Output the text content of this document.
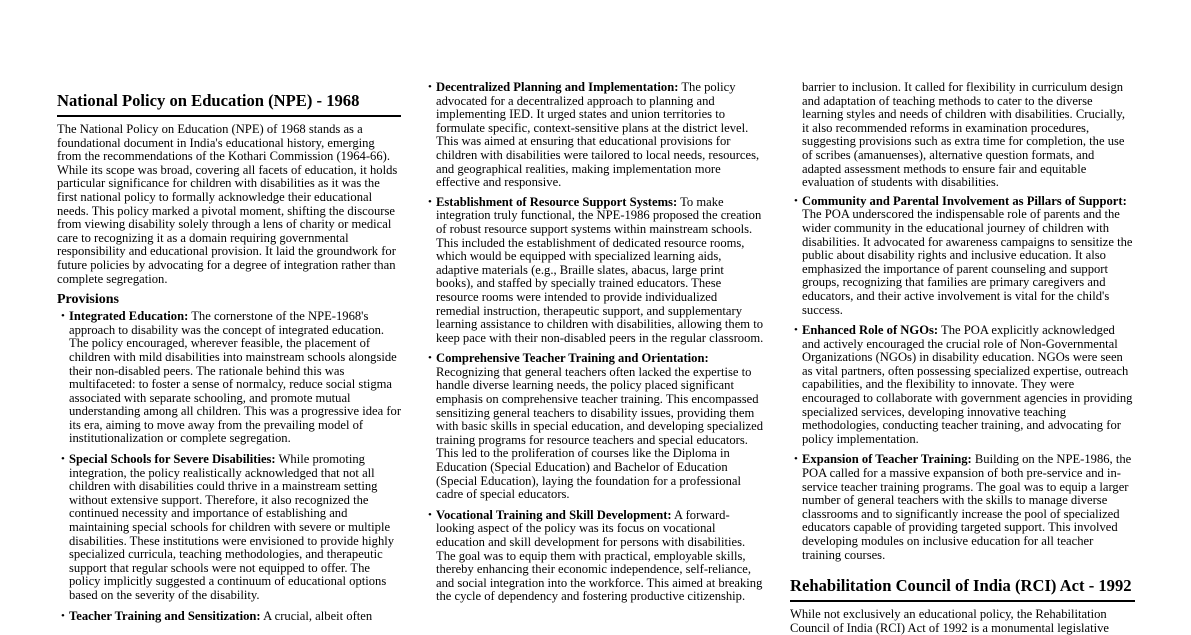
National Policy on Education (NPE) - 1968

The National Policy on Education (NPE) of 1968 stands as a foundational document in India's educational history, emerging from the recommendations of the Kothari Commission (1964-66). While its scope was broad, covering all facets of education, it holds particular significance for children with disabilities as it was the first national policy to formally acknowledge their educational needs. This policy marked a pivotal moment, shifting the discourse from viewing disability solely through a lens of charity or medical care to recognizing it as a domain requiring governmental responsibility and educational provision. It laid the groundwork for future policies by advocating for a degree of integration rather than complete segregation.

Provisions
• Integrated Education: The cornerstone of the NPE-1968's approach to disability was the concept of integrated education. The policy encouraged, wherever feasible, the placement of children with mild disabilities into mainstream schools alongside their non-disabled peers. The rationale behind this was multifaceted: to foster a sense of normalcy, reduce social stigma associated with separate schooling, and promote mutual understanding among all children. This was a progressive idea for its era, aiming to move away from the prevailing model of institutionalization or complete segregation.
• Special Schools for Severe Disabilities: While promoting integration, the policy realistically acknowledged that not all children with disabilities could thrive in a mainstream setting without extensive support. Therefore, it also recognized the continued necessity and importance of establishing and maintaining special schools for children with severe or multiple disabilities. These institutions were envisioned to provide highly specialized curricula, teaching methodologies, and therapeutic support that regular schools were not equipped to offer. The policy implicitly suggested a continuum of educational options based on the severity of the disability.
• Teacher Training and Sensitization: A crucial, albeit often
• Decentralized Planning and Implementation: The policy advocated for a decentralized approach to planning and implementing IED. It urged states and union territories to formulate specific, context-sensitive plans at the district level. This was aimed at ensuring that educational provisions for children with disabilities were tailored to local needs, resources, and geographical realities, making implementation more effective and responsive.
• Establishment of Resource Support Systems: To make integration truly functional, the NPE-1986 proposed the creation of robust resource support systems within mainstream schools. This included the establishment of dedicated resource rooms, which would be equipped with specialized learning aids, adaptive materials (e.g., Braille slates, abacus, large print books), and staffed by specially trained educators. These resource rooms were intended to provide individualized remedial instruction, therapeutic support, and supplementary learning assistance to children with disabilities, allowing them to keep pace with their non-disabled peers in the regular classroom.
• Comprehensive Teacher Training and Orientation: Recognizing that general teachers often lacked the expertise to handle diverse learning needs, the policy placed significant emphasis on comprehensive teacher training. This encompassed sensitizing general teachers to disability issues, providing them with basic skills in special education, and developing specialized training programs for resource teachers and special educators. This led to the proliferation of courses like the Diploma in Education (Special Education) and Bachelor of Education (Special Education), laying the foundation for a professional cadre of special educators.
• Vocational Training and Skill Development: A forward-looking aspect of the policy was its focus on vocational education and skill development for persons with disabilities. The goal was to equip them with practical, employable skills, thereby enhancing their economic independence, self-reliance, and social integration into the workforce. This aimed at breaking the cycle of dependency and fostering productive citizenship.

barrier to inclusion. It called for flexibility in curriculum design and adaptation of teaching methods to cater to the diverse learning styles and needs of children with disabilities. Crucially, it also recommended reforms in examination procedures, suggesting provisions such as extra time for completion, the use of scribes (amanuenses), alternative question formats, and adapted assessment methods to ensure fair and equitable evaluation of students with disabilities.

• Community and Parental Involvement as Pillars of Support: The POA underscored the indispensable role of parents and the wider community in the educational journey of children with disabilities. It advocated for awareness campaigns to sensitize the public about disability rights and inclusive education. It also emphasized the importance of parent counseling and support groups, recognizing that families are primary caregivers and educators, and their active involvement is vital for the child's success.
• Enhanced Role of NGOs: The POA explicitly acknowledged and actively encouraged the crucial role of Non-Governmental Organizations (NGOs) in disability education. NGOs were seen as vital partners, often possessing specialized expertise, outreach capabilities, and the flexibility to innovate. They were encouraged to collaborate with government agencies in providing specialized services, developing innovative teaching methodologies, conducting teacher training, and advocating for policy implementation.
• Expansion of Teacher Training: Building on the NPE-1986, the POA called for a massive expansion of both pre-service and in-service teacher training programs. The goal was to equip a larger number of general teachers with the skills to manage diverse classrooms and to significantly increase the pool of specialized educators capable of providing targeted support. This involved developing modules on inclusive education for all teacher training courses.
Rehabilitation Council of India (RCI) Act - 1992

While not exclusively an educational policy, the Rehabilitation Council of India (RCI) Act of 1992 is a monumental legislative
